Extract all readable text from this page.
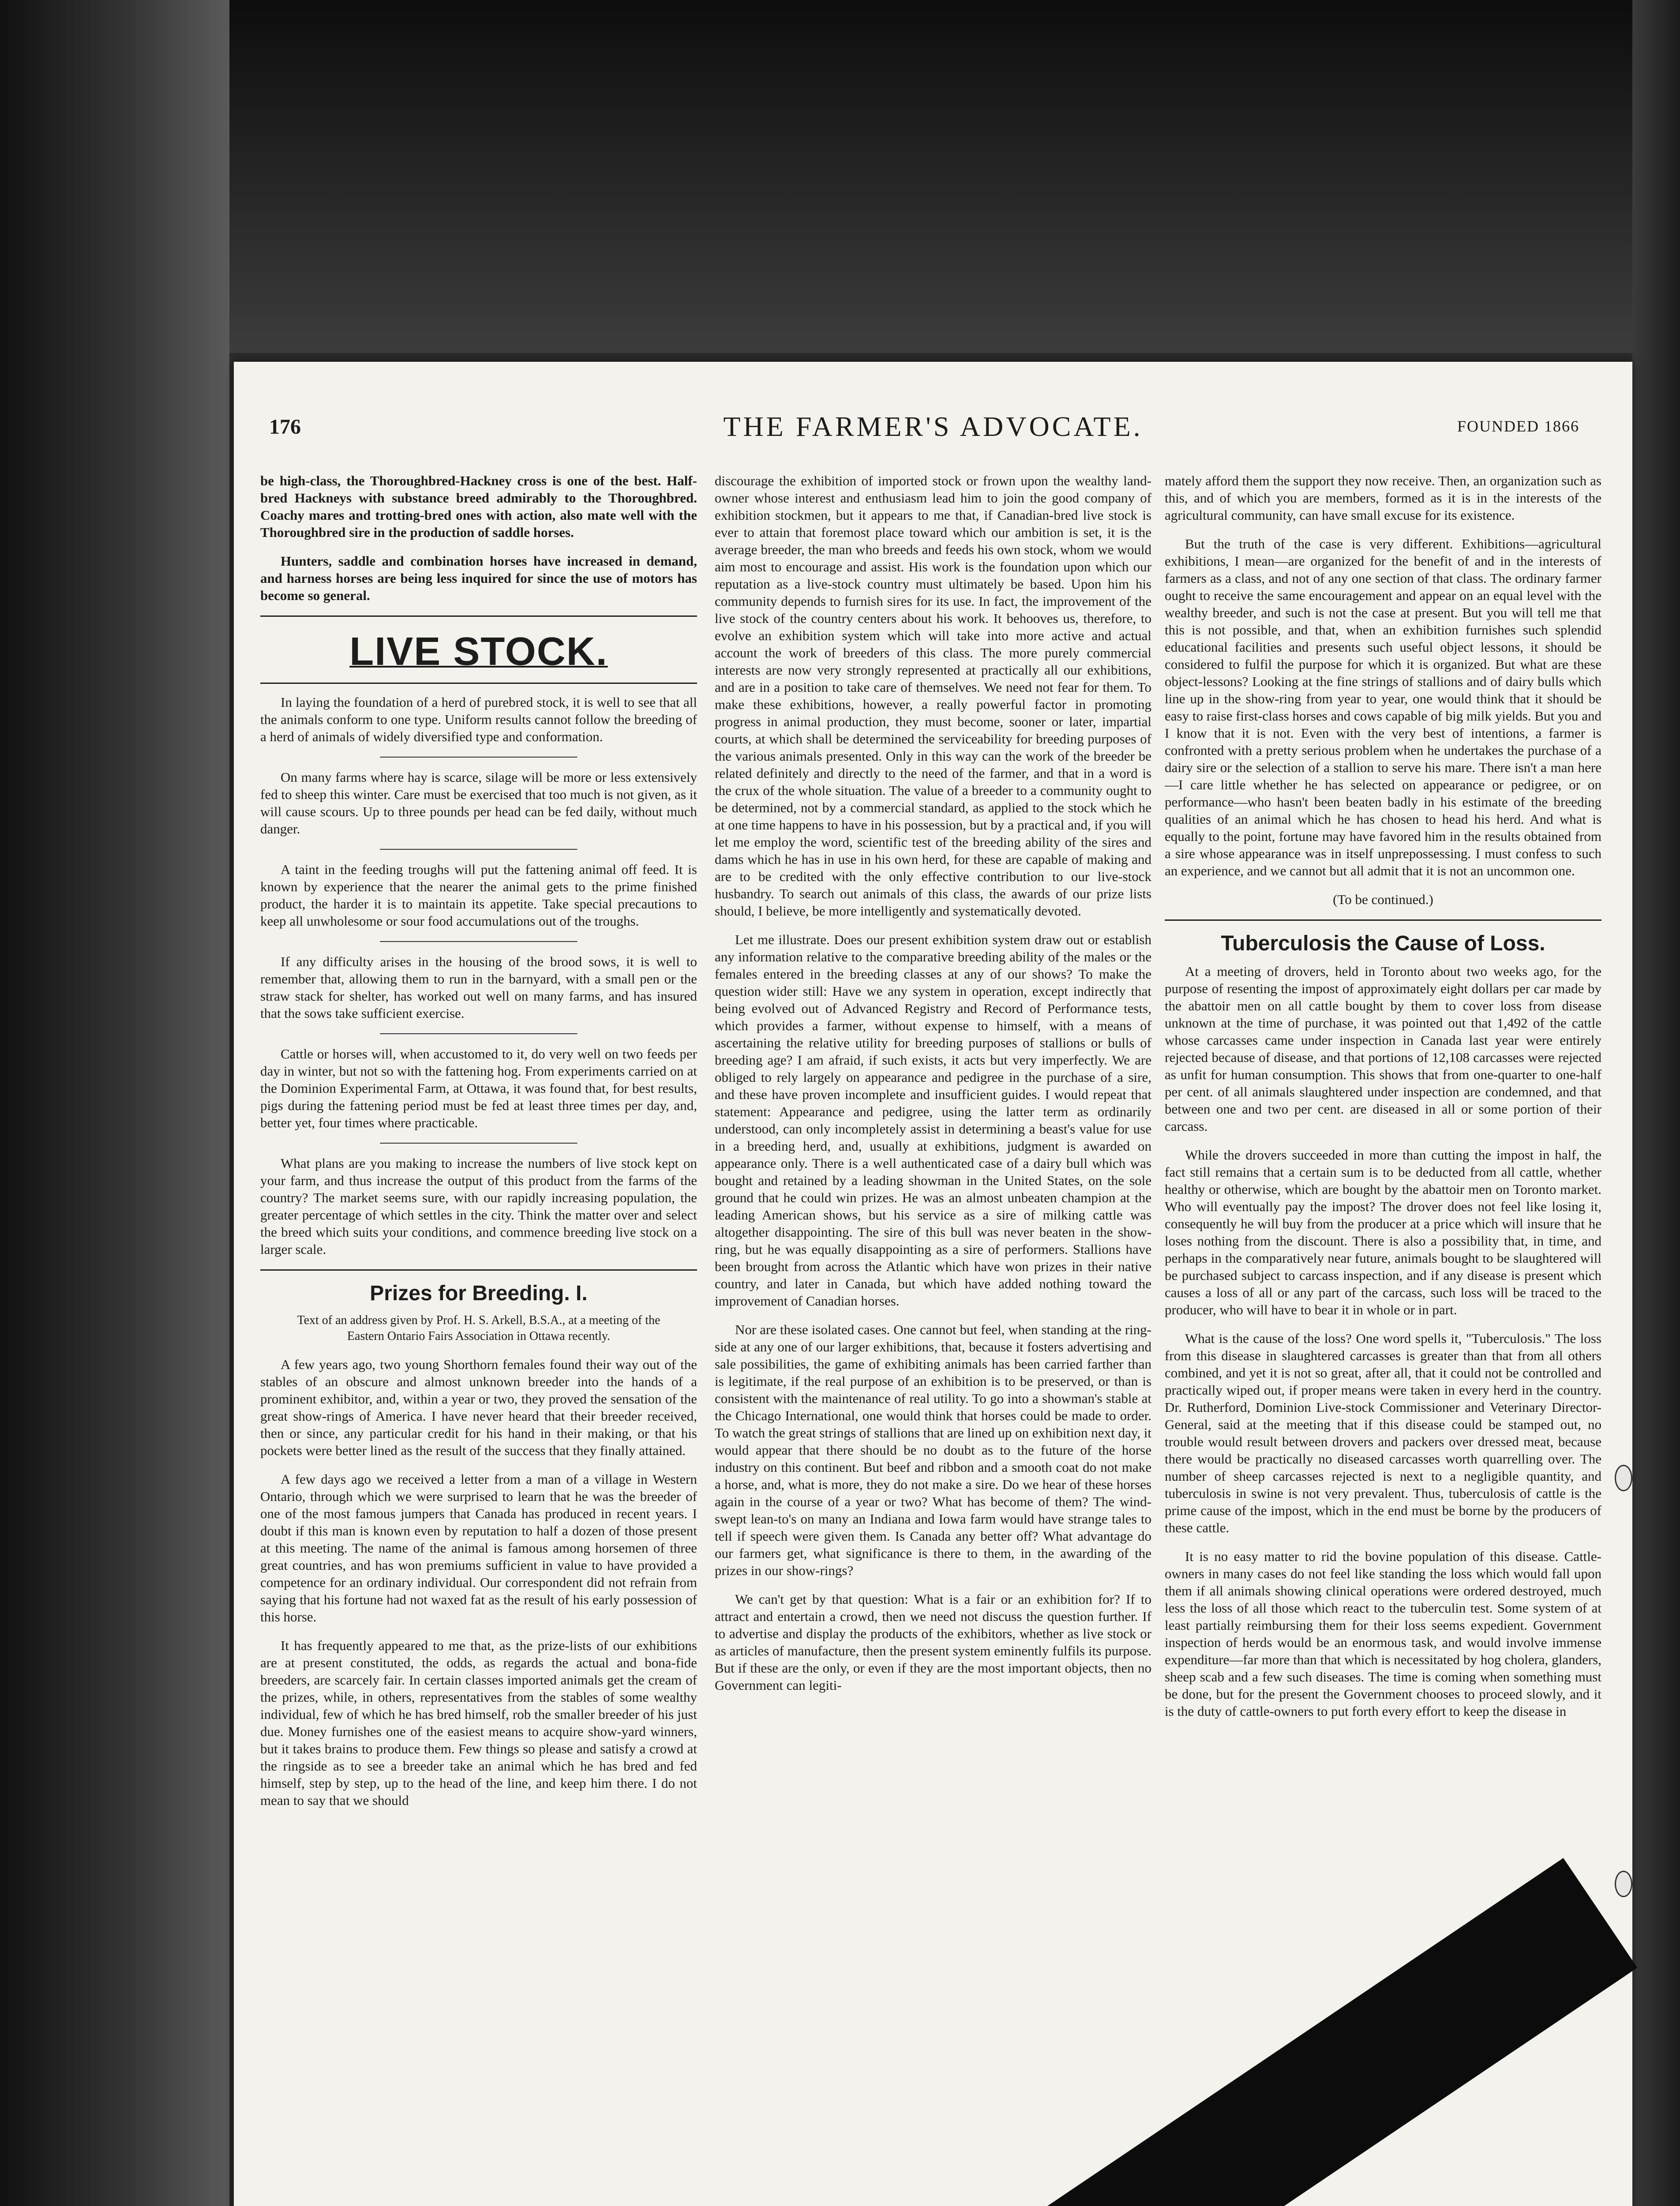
176	THE FARMER'S ADVOCATE.	FOUNDED 1866

be high-class, the Thoroughbred-Hackney cross is one of the best. Half-bred Hackneys with substance breed admirably to the Thoroughbred. Coachy mares and trotting-bred ones with action, also mate well with the Thoroughbred sire in the production of saddle horses.

Hunters, saddle and combination horses have increased in demand, and harness horses are being less inquired for since the use of motors has become so general.

LIVE STOCK.

In laying the foundation of a herd of purebred stock, it is well to see that all the animals conform to one type. Uniform results cannot follow the breeding of a herd of animals of widely diversified type and conformation.

On many farms where hay is scarce, silage will be more or less extensively fed to sheep this winter. Care must be exercised that too much is not given, as it will cause scours. Up to three pounds per head can be fed daily, without much danger.

A taint in the feeding troughs will put the fattening animal off feed. It is known by experience that the nearer the animal gets to the prime finished product, the harder it is to maintain its appetite. Take special precautions to keep all unwholesome or sour food accumulations out of the troughs.

If any difficulty arises in the housing of the brood sows, it is well to remember that, allowing them to run in the barnyard, with a small pen or the straw stack for shelter, has worked out well on many farms, and has insured that the sows take sufficient exercise.

Cattle or horses will, when accustomed to it, do very well on two feeds per day in winter, but not so with the fattening hog. From experiments carried on at the Dominion Experimental Farm, at Ottawa, it was found that, for best results, pigs during the fattening period must be fed at least three times per day, and, better yet, four times where practicable.

What plans are you making to increase the numbers of live stock kept on your farm, and thus increase the output of this product from the farms of the country? The market seems sure, with our rapidly increasing population, the greater percentage of which settles in the city. Think the matter over and select the breed which suits your conditions, and commence breeding live stock on a larger scale.

Prizes for Breeding. I.

Text of an address given by Prof. H. S. Arkell, B.S.A., at a meeting of the Eastern Ontario Fairs Association in Ottawa recently.

A few years ago, two young Shorthorn females found their way out of the stables of an obscure and almost unknown breeder into the hands of a prominent exhibitor, and, within a year or two, they proved the sensation of the great show-rings of America. I have never heard that their breeder received, then or since, any particular credit for his hand in their making, or that his pockets were better lined as the result of the success that they finally attained.

A few days ago we received a letter from a man of a village in Western Ontario, through which we were surprised to learn that he was the breeder of one of the most famous jumpers that Canada has produced in recent years. I doubt if this man is known even by reputation to half a dozen of those present at this meeting. The name of the animal is famous among horsemen of three great countries, and has won premiums sufficient in value to have provided a competence for an ordinary individual. Our correspondent did not refrain from saying that his fortune had not waxed fat as the result of his early possession of this horse.

It has frequently appeared to me that, as the prize-lists of our exhibitions are at present constituted, the odds, as regards the actual and bona-fide breeders, are scarcely fair. In certain classes imported animals get the cream of the prizes, while, in others, representatives from the stables of some wealthy individual, few of which he has bred himself, rob the smaller breeder of his just due. Money furnishes one of the easiest means to acquire show-yard winners, but it takes brains to produce them. Few things so please and satisfy a crowd at the ringside as to see a breeder take an animal which he has bred and fed himself, step by step, up to the head of the line, and keep him there. I do not mean to say that we should

discourage the exhibition of imported stock or frown upon the wealthy land-owner whose interest and enthusiasm lead him to join the good company of exhibition stockmen, but it appears to me that, if Canadian-bred live stock is ever to attain that foremost place toward which our ambition is set, it is the average breeder, the man who breeds and feeds his own stock, whom we would aim most to encourage and assist. His work is the foundation upon which our reputation as a live-stock country must ultimately be based. Upon him his community depends to furnish sires for its use. In fact, the improvement of the live stock of the country centers about his work. It behooves us, therefore, to evolve an exhibition system which will take into more active and actual account the work of breeders of this class. The more purely commercial interests are now very strongly represented at practically all our exhibitions, and are in a position to take care of themselves. We need not fear for them. To make these exhibitions, however, a really powerful factor in promoting progress in animal production, they must become, sooner or later, impartial courts, at which shall be determined the serviceability for breeding purposes of the various animals presented. Only in this way can the work of the breeder be related definitely and directly to the need of the farmer, and that in a word is the crux of the whole situation. The value of a breeder to a community ought to be determined, not by a commercial standard, as applied to the stock which he at one time happens to have in his possession, but by a practical and, if you will let me employ the word, scientific test of the breeding ability of the sires and dams which he has in use in his own herd, for these are capable of making and are to be credited with the only effective contribution to our live-stock husbandry. To search out animals of this class, the awards of our prize lists should, I believe, be more intelligently and systematically devoted.

Let me illustrate. Does our present exhibition system draw out or establish any information relative to the comparative breeding ability of the males or the females entered in the breeding classes at any of our shows? To make the question wider still: Have we any system in operation, except indirectly that being evolved out of Advanced Registry and Record of Performance tests, which provides a farmer, without expense to himself, with a means of ascertaining the relative utility for breeding purposes of stallions or bulls of breeding age? I am afraid, if such exists, it acts but very imperfectly. We are obliged to rely largely on appearance and pedigree in the purchase of a sire, and these have proven incomplete and insufficient guides. I would repeat that statement: Appearance and pedigree, using the latter term as ordinarily understood, can only incompletely assist in determining a beast's value for use in a breeding herd, and, usually at exhibitions, judgment is awarded on appearance only. There is a well authenticated case of a dairy bull which was bought and retained by a leading showman in the United States, on the sole ground that he could win prizes. He was an almost unbeaten champion at the leading American shows, but his service as a sire of milking cattle was altogether disappointing. The sire of this bull was never beaten in the show-ring, but he was equally disappointing as a sire of performers. Stallions have been brought from across the Atlantic which have won prizes in their native country, and later in Canada, but which have added nothing toward the improvement of Canadian horses.

Nor are these isolated cases. One cannot but feel, when standing at the ring-side at any one of our larger exhibitions, that, because it fosters advertising and sale possibilities, the game of exhibiting animals has been carried farther than is legitimate, if the real purpose of an exhibition is to be preserved, or than is consistent with the maintenance of real utility. To go into a showman's stable at the Chicago International, one would think that horses could be made to order. To watch the great strings of stallions that are lined up on exhibition next day, it would appear that there should be no doubt as to the future of the horse industry on this continent. But beef and ribbon and a smooth coat do not make a horse, and, what is more, they do not make a sire. Do we hear of these horses again in the course of a year or two? What has become of them? The wind-swept lean-to's on many an Indiana and Iowa farm would have strange tales to tell if speech were given them. Is Canada any better off? What advantage do our farmers get, what significance is there to them, in the awarding of the prizes in our show-rings?

We can't get by that question: What is a fair or an exhibition for? If to attract and entertain a crowd, then we need not discuss the question further. If to advertise and display the products of the exhibitors, whether as live stock or as articles of manufacture, then the present system eminently fulfils its purpose. But if these are the only, or even if they are the most important objects, then no Government can legiti-

mately afford them the support they now receive. Then, an organization such as this, and of which you are members, formed as it is in the interests of the agricultural community, can have small excuse for its existence.

But the truth of the case is very different. Exhibitions—agricultural exhibitions, I mean—are organized for the benefit of and in the interests of farmers as a class, and not of any one section of that class. The ordinary farmer ought to receive the same encouragement and appear on an equal level with the wealthy breeder, and such is not the case at present. But you will tell me that this is not possible, and that, when an exhibition furnishes such splendid educational facilities and presents such useful object lessons, it should be considered to fulfil the purpose for which it is organized. But what are these object-lessons? Looking at the fine strings of stallions and of dairy bulls which line up in the show-ring from year to year, one would think that it should be easy to raise first-class horses and cows capable of big milk yields. But you and I know that it is not. Even with the very best of intentions, a farmer is confronted with a pretty serious problem when he undertakes the purchase of a dairy sire or the selection of a stallion to serve his mare. There isn't a man here—I care little whether he has selected on appearance or pedigree, or on performance—who hasn't been beaten badly in his estimate of the breeding qualities of an animal which he has chosen to head his herd. And what is equally to the point, fortune may have favored him in the results obtained from a sire whose appearance was in itself unprepossessing. I must confess to such an experience, and we cannot but all admit that it is not an uncommon one.

(To be continued.)

Tuberculosis the Cause of Loss.

At a meeting of drovers, held in Toronto about two weeks ago, for the purpose of resenting the impost of approximately eight dollars per car made by the abattoir men on all cattle bought by them to cover loss from disease unknown at the time of purchase, it was pointed out that 1,492 of the cattle whose carcasses came under inspection in Canada last year were entirely rejected because of disease, and that portions of 12,108 carcasses were rejected as unfit for human consumption. This shows that from one-quarter to one-half per cent. of all animals slaughtered under inspection are condemned, and that between one and two per cent. are diseased in all or some portion of their carcass.

While the drovers succeeded in more than cutting the impost in half, the fact still remains that a certain sum is to be deducted from all cattle, whether healthy or otherwise, which are bought by the abattoir men on Toronto market. Who will eventually pay the impost? The drover does not feel like losing it, consequently he will buy from the producer at a price which will insure that he loses nothing from the discount. There is also a possibility that, in time, and perhaps in the comparatively near future, animals bought to be slaughtered will be purchased subject to carcass inspection, and if any disease is present which causes a loss of all or any part of the carcass, such loss will be traced to the producer, who will have to bear it in whole or in part.

What is the cause of the loss? One word spells it, "Tuberculosis." The loss from this disease in slaughtered carcasses is greater than that from all others combined, and yet it is not so great, after all, that it could not be controlled and practically wiped out, if proper means were taken in every herd in the country. Dr. Rutherford, Dominion Live-stock Commissioner and Veterinary Director-General, said at the meeting that if this disease could be stamped out, no trouble would result between drovers and packers over dressed meat, because there would be practically no diseased carcasses worth quarrelling over. The number of sheep carcasses rejected is next to a negligible quantity, and tuberculosis in swine is not very prevalent. Thus, tuberculosis of cattle is the prime cause of the impost, which in the end must be borne by the producers of these cattle.

It is no easy matter to rid the bovine population of this disease. Cattle-owners in many cases do not feel like standing the loss which would fall upon them if all animals showing clinical operations were ordered destroyed, much less the loss of all those which react to the tuberculin test. Some system of at least partially reimbursing them for their loss seems expedient. Government inspection of herds would be an enormous task, and would involve immense expenditure—far more than that which is necessitated by hog cholera, glanders, sheep scab and a few such diseases. The time is coming when something must be done, but for the present the Government chooses to proceed slowly, and it is the duty of cattle-owners to put forth every effort to keep the disease in
